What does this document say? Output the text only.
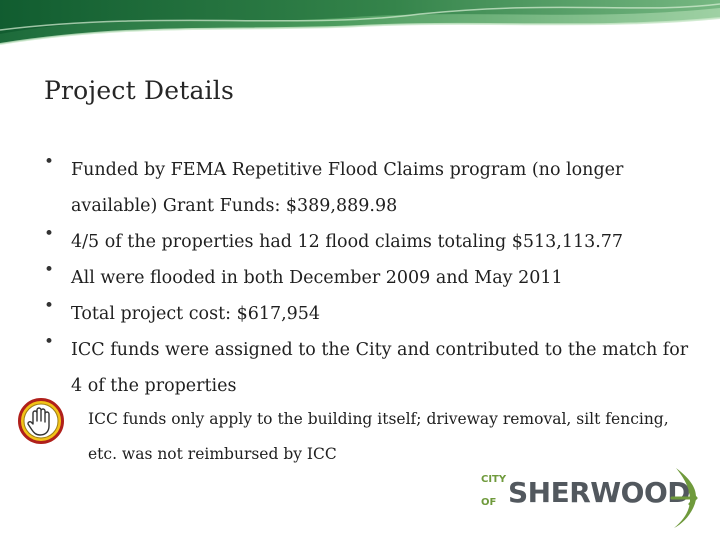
Project Details
• Funded by FEMA Repetitive Flood Claims program (no longer
available) Grant Funds: $389,889.98
• 4/5 of the properties had 12 flood claims totaling $513,113.77
• All were flooded in both December 2009 and May 2011
• Total project cost: $617,954
• ICC funds were assigned to the City and contributed to the match for
4 of the properties
ICC funds only apply to the building itself; driveway removal, silt fencing,
etc. was not reimbursed by ICC
CITY
OF SHERWOOD
